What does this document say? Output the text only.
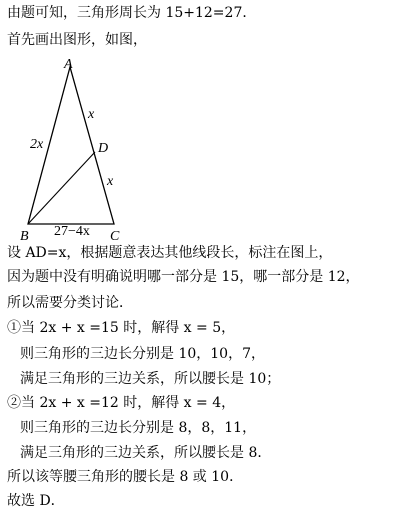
由题可知，三角形周长为 15+12=27．
首先画出图形，如图，
A
B	C
D
2x
x
x
27−4x
设 AD=x，根据题意表达其他线段长，标注在图上，
因为题中没有明确说明哪一部分是 15，哪一部分是 12，
所以需要分类讨论．
①当 2x + x =15 时，解得 x = 5，
则三角形的三边长分别是 10，10，7，
满足三角形的三边关系，所以腰长是 10；
②当 2x + x =12 时，解得 x = 4，
则三角形的三边长分别是 8，8，11，
满足三角形的三边关系，所以腰长是 8．
所以该等腰三角形的腰长是 8 或 10．
故选 D．
